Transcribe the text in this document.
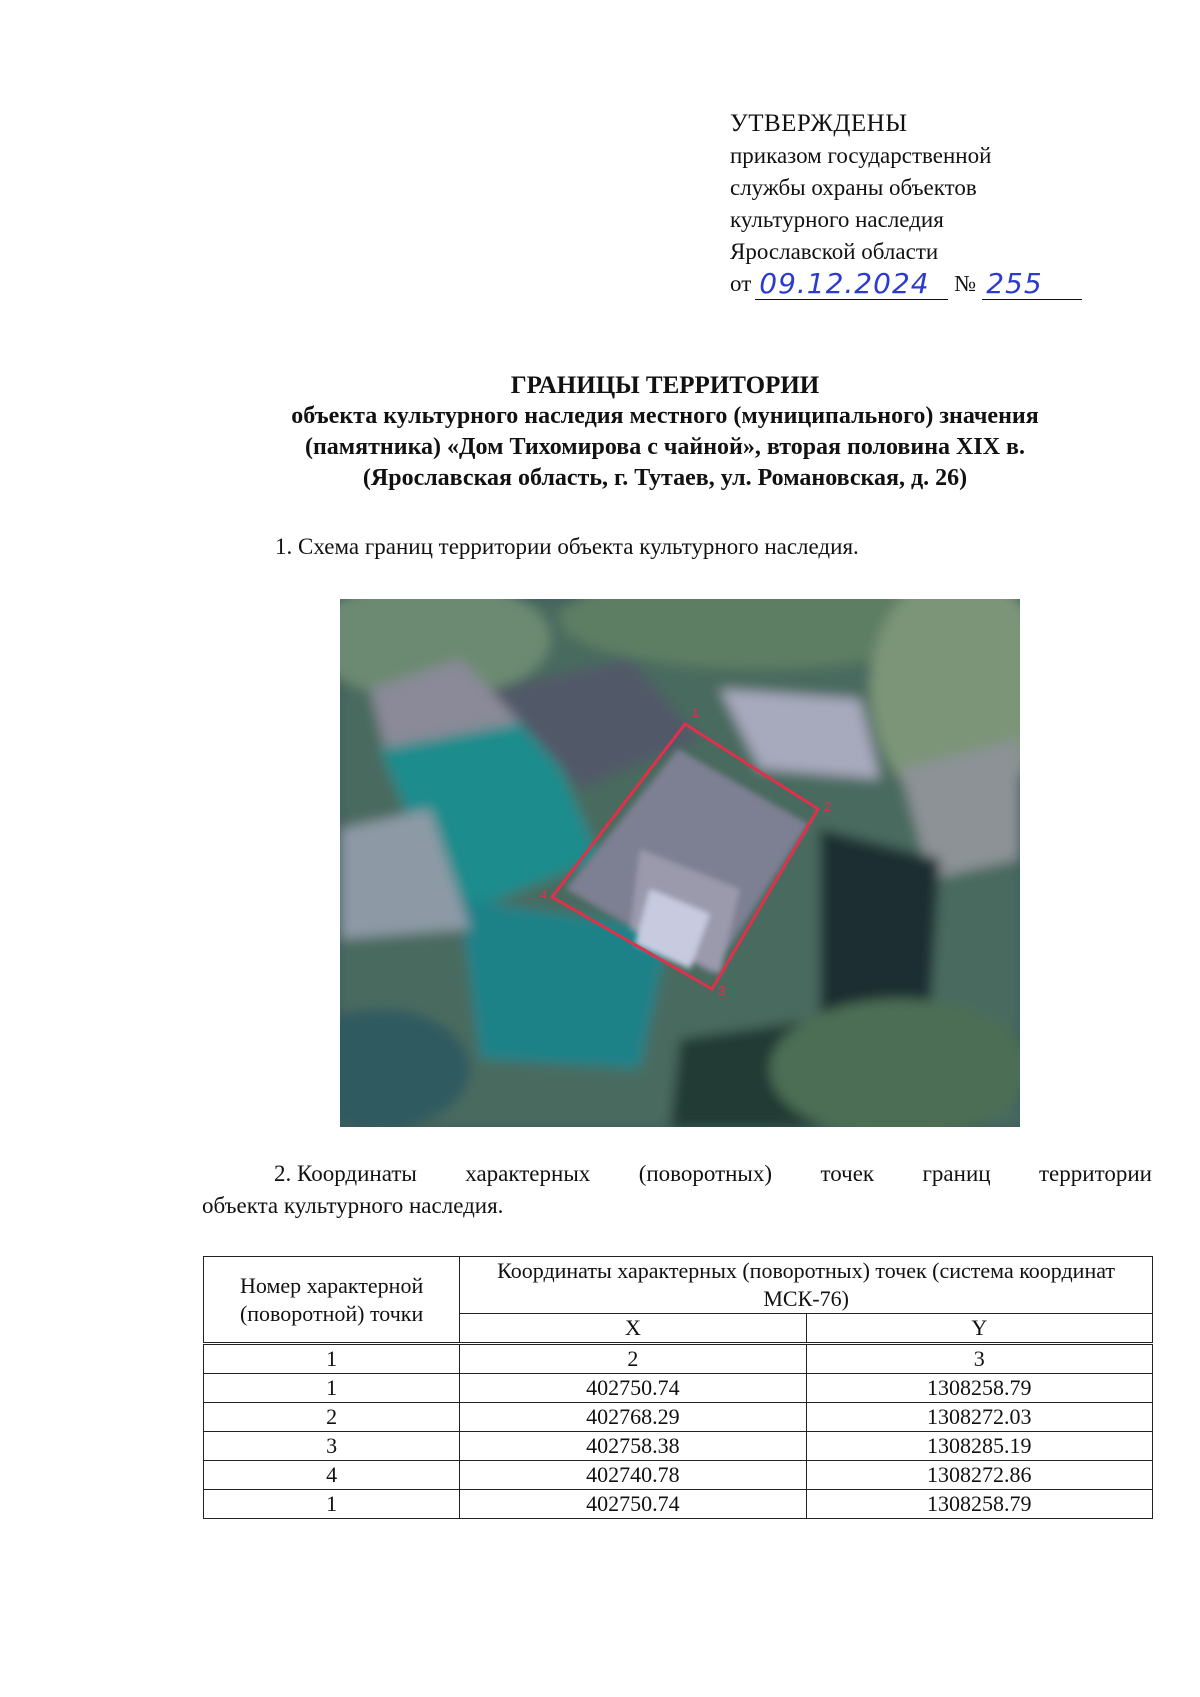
УТВЕРЖДЕНЫ
приказом государственной
службы охраны объектов
культурного наследия
Ярославской области
от 09.12.2024	№ 255
ГРАНИЦЫ ТЕРРИТОРИИ
объекта культурного наследия местного (муниципального) значения
(памятника) «Дом Тихомирова с чайной», вторая половина XIX в.
(Ярославская область, г. Тутаев, ул. Романовская, д. 26)
1. Схема границ территории объекта культурного наследия.
1
2
3
4
2. Координаты характерных (поворотных) точек границ территории
объекта культурного наследия.
Номер характерной (поворотной) точки	Координаты характерных (поворотных) точек (система координат МСК-76)	
	X	Y
1	2	3
1	402750.74	1308258.79
2	402768.29	1308272.03
3	402758.38	1308285.19
4	402740.78	1308272.86
1	402750.74	1308258.79
